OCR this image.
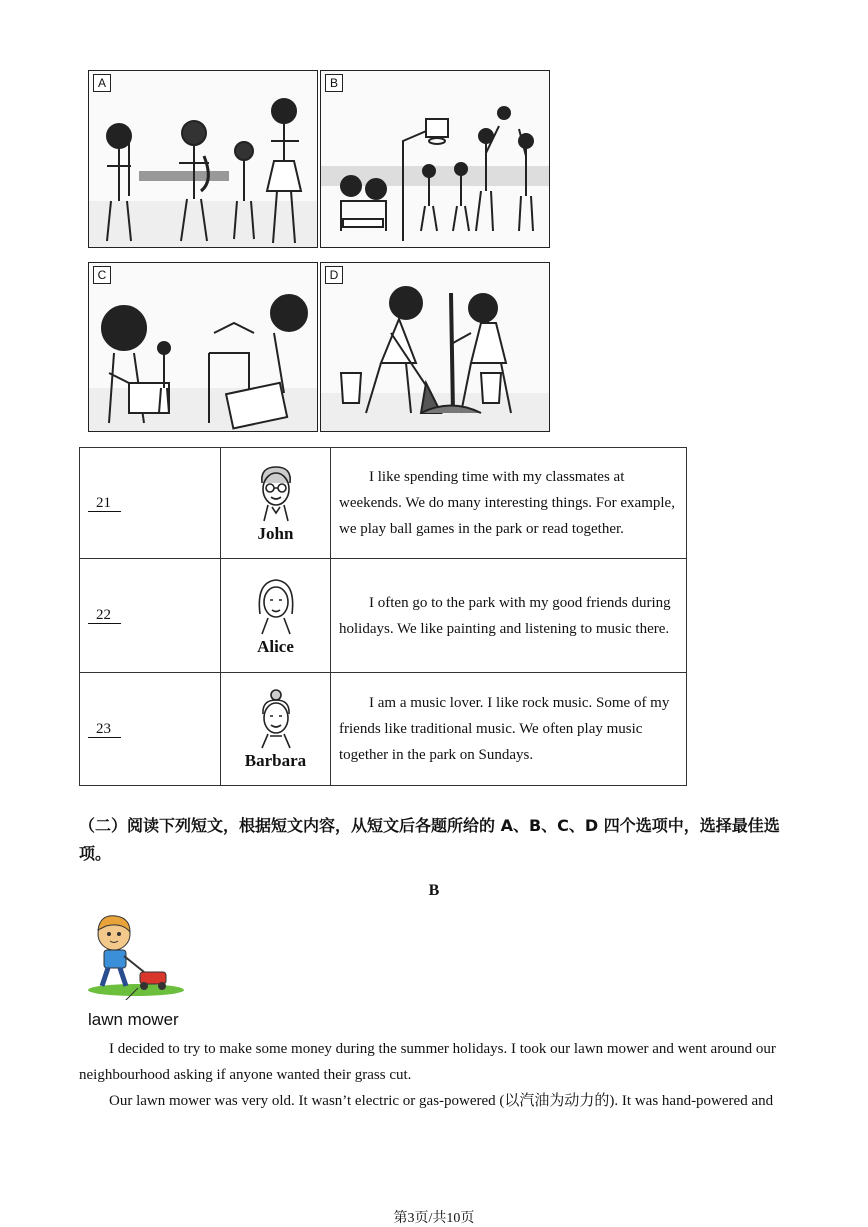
A	B
C	D
21	John	I like spending time with my classmates at weekends. We do many interesting things. For example, we play ball games in the park or read together.

22	Alice	I often go to the park with my good friends during holidays. We like painting and listening to music there.

23	Barbara	I am a music lover. I like rock music. Some of my friends like traditional music. We often play music together in the park on Sundays.

（二）阅读下列短文，根据短文内容，从短文后各题所给的 A、B、C、D 四个选项中，选择最佳选项。
B
lawn mower

I decided to try to make some money during the summer holidays. I took our lawn mower and went around our neighbourhood asking if anyone wanted their grass cut.

Our lawn mower was very old. It wasn’t electric or gas-powered (以汽油为动力的). It was hand-powered and

第3页/共10页
